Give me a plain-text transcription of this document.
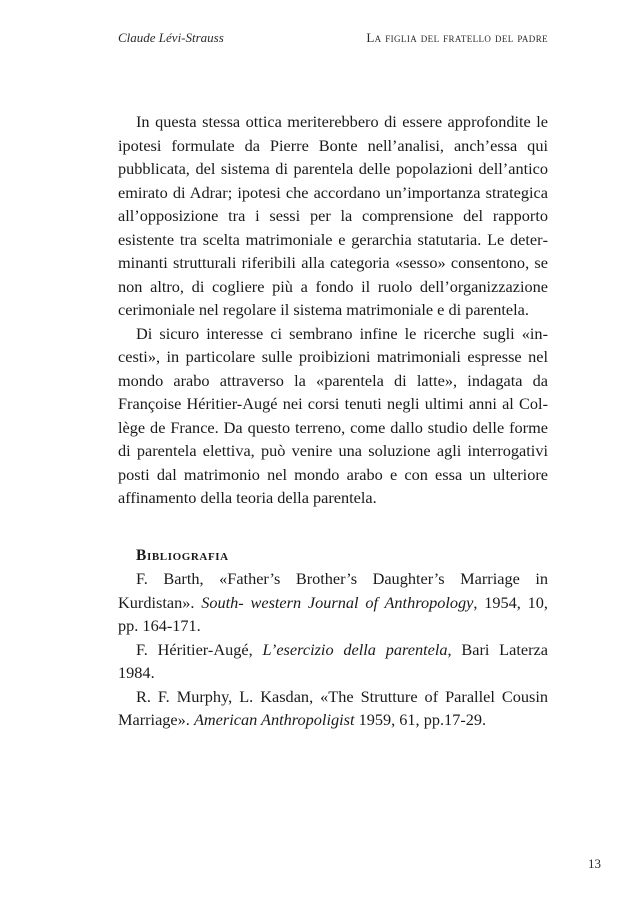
Claude Lévi-Strauss	La figlia del fratello del padre

In questa stessa ottica meriterebbero di essere approfondite le ipotesi formulate da Pierre Bonte nell’analisi, anch’essa qui pubblicata, del sistema di parentela delle popolazioni dell’antico emirato di Adrar; ipotesi che accordano un’importanza strategica all’opposizione tra i sessi per la comprensione del rapporto esistente tra scelta matrimoniale e gerarchia statutaria. Le determinanti strutturali riferibili alla categoria «sesso» consentono, se non altro, di cogliere più a fondo il ruolo dell’organizzazione cerimoniale nel regolare il sistema matrimoniale e di parentela.

Di sicuro interesse ci sembrano infine le ricerche sugli «incesti», in particolare sulle proibizioni matrimoniali espresse nel mondo arabo attraverso la «parentela di latte», indagata da Françoise Héritier-Augé nei corsi tenuti negli ultimi anni al Collège de France. Da questo terreno, come dallo studio delle forme di parentela elettiva, può venire una soluzione agli interrogativi posti dal matrimonio nel mondo arabo e con essa un ulteriore affinamento della teoria della parentela.

Bibliografia

F. Barth, «Father’s Brother’s Daughter’s Marriage in Kurdistan». South- western Journal of Anthropology, 1954, 10, pp. 164-171.

F. Héritier-Augé, L’esercizio della parentela, Bari Laterza 1984.

R. F. Murphy, L. Kasdan, «The Strutture of Parallel Cousin Marriage». American Anthropoligist 1959, 61, pp.17-29.

13
